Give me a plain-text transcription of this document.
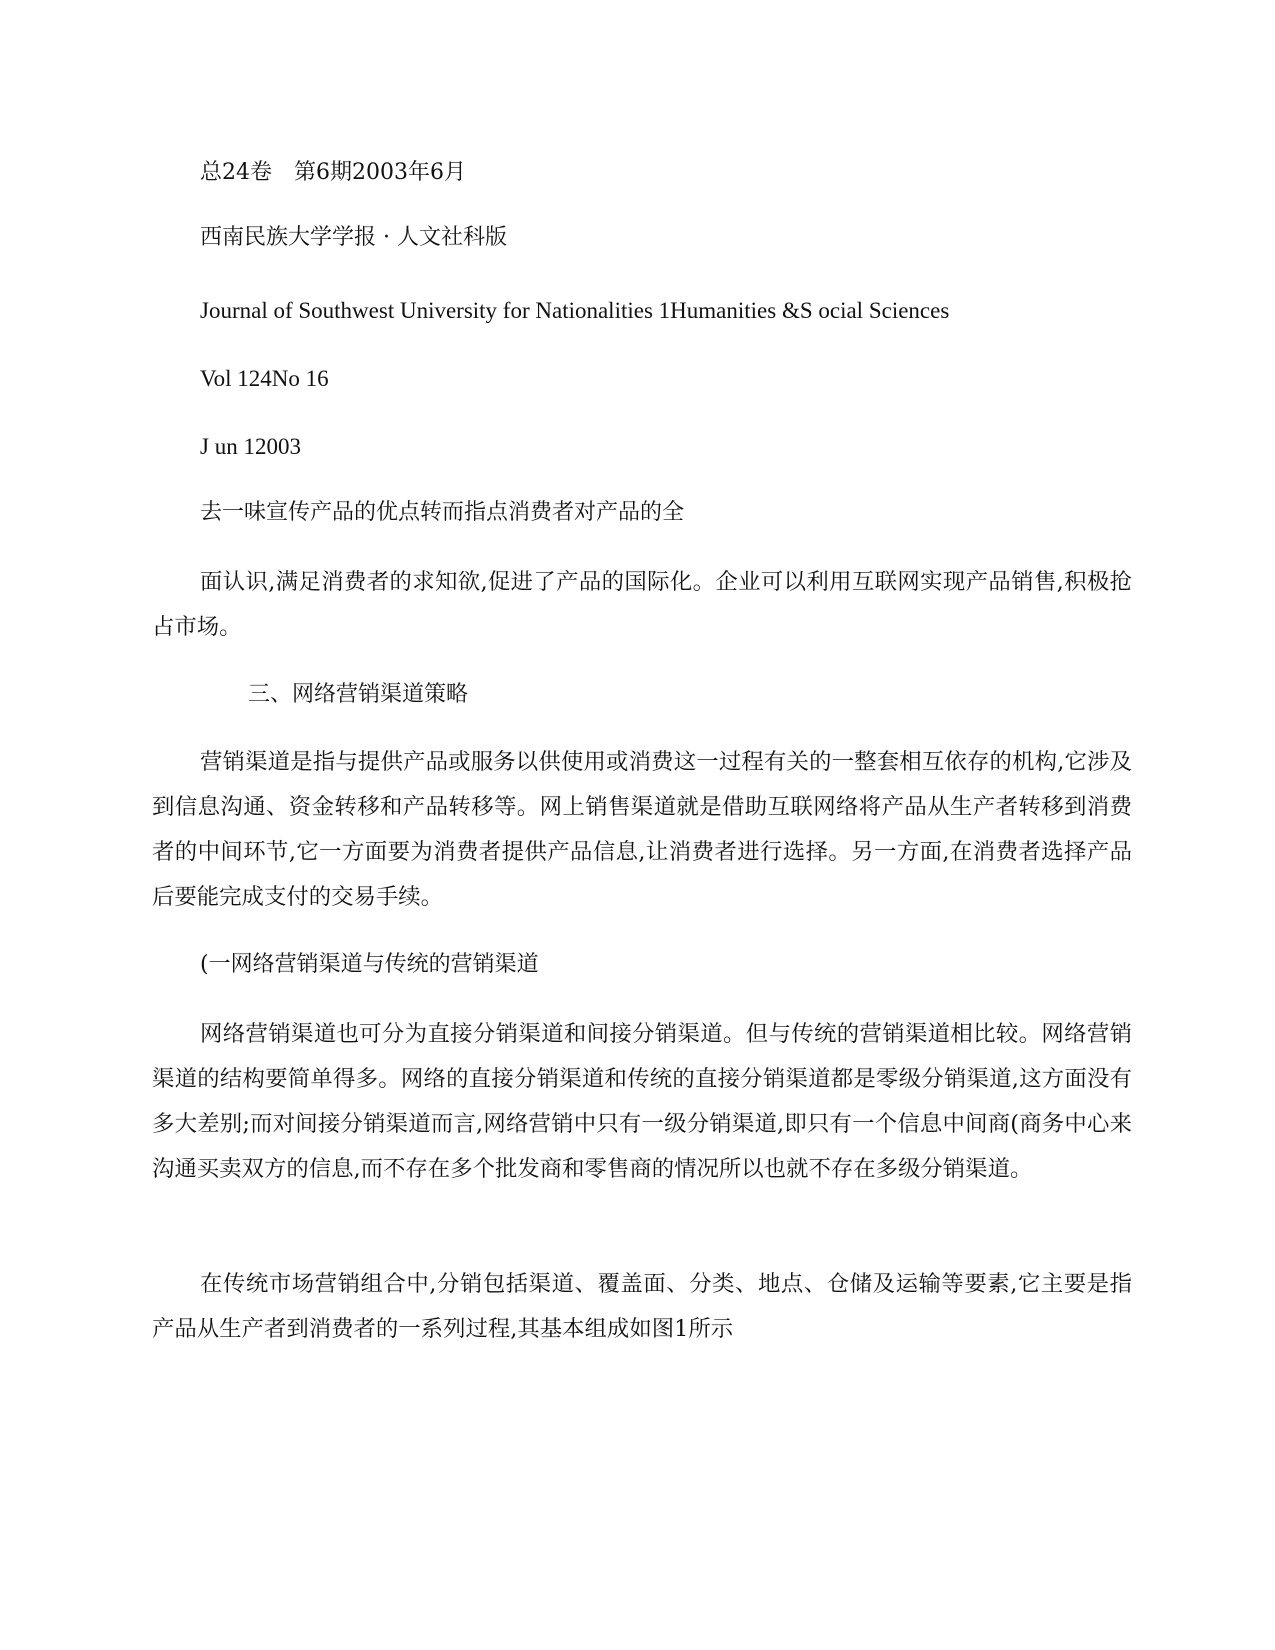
总24卷　第6期2003年6月
西南民族大学学报 · 人文社科版
Journal of Southwest University for Nationalities 1Humanities &S ocial Sciences
Vol 124No 16
J un 12003
去一味宣传产品的优点转而指点消费者对产品的全

面认识,满足消费者的求知欲,促进了产品的国际化。企业可以利用互联网实现产品销售,积极抢占市场。

三、网络营销渠道策略

营销渠道是指与提供产品或服务以供使用或消费这一过程有关的一整套相互依存的机构,它涉及到信息沟通、资金转移和产品转移等。网上销售渠道就是借助互联网络将产品从生产者转移到消费者的中间环节,它一方面要为消费者提供产品信息,让消费者进行选择。另一方面,在消费者选择产品后要能完成支付的交易手续。

(一网络营销渠道与传统的营销渠道

网络营销渠道也可分为直接分销渠道和间接分销渠道。但与传统的营销渠道相比较。网络营销渠道的结构要简单得多。网络的直接分销渠道和传统的直接分销渠道都是零级分销渠道,这方面没有多大差别;而对间接分销渠道而言,网络营销中只有一级分销渠道,即只有一个信息中间商(商务中心来沟通买卖双方的信息,而不存在多个批发商和零售商的情况所以也就不存在多级分销渠道。

在传统市场营销组合中,分销包括渠道、覆盖面、分类、地点、仓储及运输等要素,它主要是指产品从生产者到消费者的一系列过程,其基本组成如图1所示
